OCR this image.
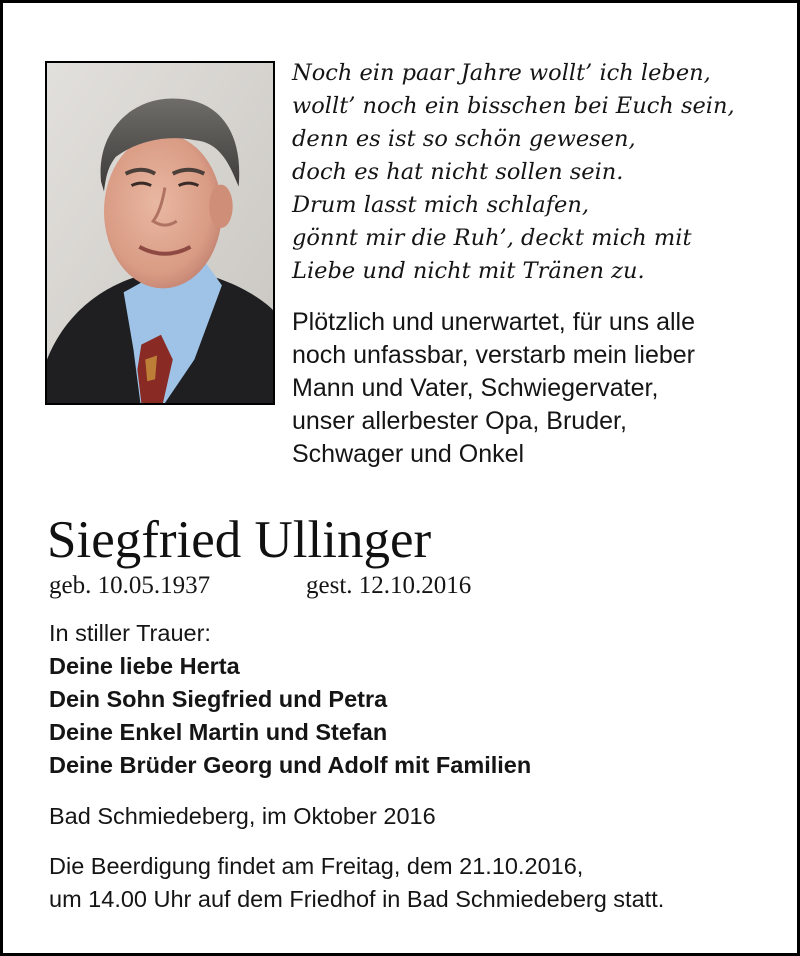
Noch ein paar Jahre wollt’ ich leben,
wollt’ noch ein bisschen bei Euch sein,
denn es ist so schön gewesen,
doch es hat nicht sollen sein.
Drum lasst mich schlafen,
gönnt mir die Ruh’, deckt mich mit
Liebe und nicht mit Tränen zu.
Plötzlich und unerwartet, für uns alle
noch unfassbar, verstarb mein lieber
Mann und Vater, Schwiegervater,
unser allerbester Opa, Bruder,
Schwager und Onkel
Siegfried Ullinger
geb. 10.05.1937	gest. 12.10.2016
In stiller Trauer:
Deine liebe Herta
Dein Sohn Siegfried und Petra
Deine Enkel Martin und Stefan
Deine Brüder Georg und Adolf mit Familien
Bad Schmiedeberg, im Oktober 2016
Die Beerdigung findet am Freitag, dem 21.10.2016,
um 14.00 Uhr auf dem Friedhof in Bad Schmiedeberg statt.
